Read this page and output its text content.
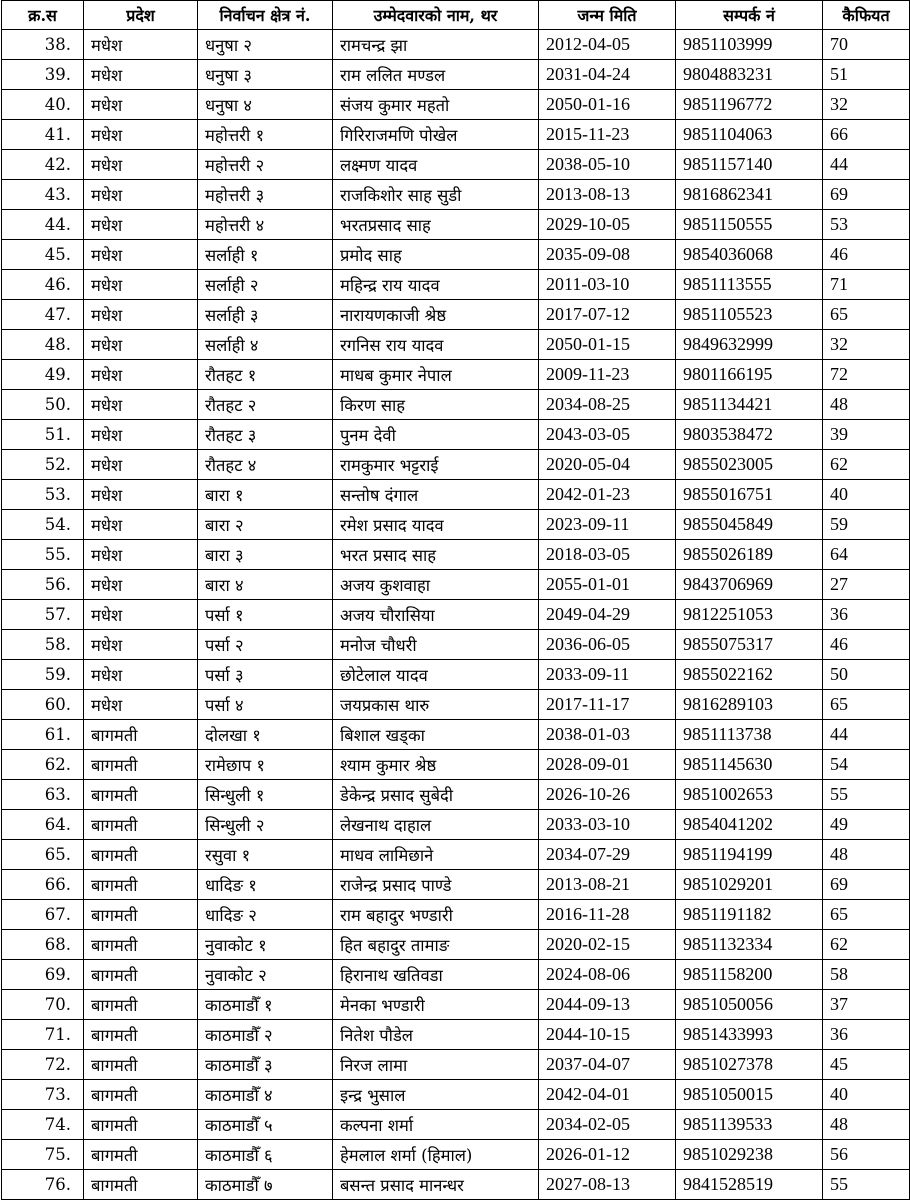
क्र.स	प्रदेश	निर्वाचन क्षेत्र नं.	उम्मेदवारको नाम, थर	जन्म मिति	सम्पर्क नं	कैफियत
38.	मधेश	धनुषा २	रामचन्द्र झा	2012-04-05	9851103999	70
39.	मधेश	धनुषा ३	राम ललित मण्डल	2031-04-24	9804883231	51
40.	मधेश	धनुषा ४	संजय कुमार महतो	2050-01-16	9851196772	32
41.	मधेश	महोत्तरी १	गिरिराजमणि पोखेल	2015-11-23	9851104063	66
42.	मधेश	महोत्तरी २	लक्ष्मण यादव	2038-05-10	9851157140	44
43.	मधेश	महोत्तरी ३	राजकिशोर साह सुडी	2013-08-13	9816862341	69
44.	मधेश	महोत्तरी ४	भरतप्रसाद साह	2029-10-05	9851150555	53
45.	मधेश	सर्लाही १	प्रमोद साह	2035-09-08	9854036068	46
46.	मधेश	सर्लाही २	महिन्द्र राय यादव	2011-03-10	9851113555	71
47.	मधेश	सर्लाही ३	नारायणकाजी श्रेष्ठ	2017-07-12	9851105523	65
48.	मधेश	सर्लाही ४	रगनिस राय यादव	2050-01-15	9849632999	32
49.	मधेश	रौतहट १	माधब कुमार नेपाल	2009-11-23	9801166195	72
50.	मधेश	रौतहट २	किरण साह	2034-08-25	9851134421	48
51.	मधेश	रौतहट ३	पुनम देवी	2043-03-05	9803538472	39
52.	मधेश	रौतहट ४	रामकुमार भट्टराई	2020-05-04	9855023005	62
53.	मधेश	बारा १	सन्तोष दंगाल	2042-01-23	9855016751	40
54.	मधेश	बारा २	रमेश प्रसाद यादव	2023-09-11	9855045849	59
55.	मधेश	बारा ३	भरत प्रसाद साह	2018-03-05	9855026189	64
56.	मधेश	बारा ४	अजय कुशवाहा	2055-01-01	9843706969	27
57.	मधेश	पर्सा १	अजय चौरासिया	2049-04-29	9812251053	36
58.	मधेश	पर्सा २	मनोज चौधरी	2036-06-05	9855075317	46
59.	मधेश	पर्सा ३	छोटेलाल यादव	2033-09-11	9855022162	50
60.	मधेश	पर्सा ४	जयप्रकास थारु	2017-11-17	9816289103	65
61.	बागमती	दोलखा १	बिशाल खड्का	2038-01-03	9851113738	44
62.	बागमती	रामेछाप १	श्याम कुमार श्रेष्ठ	2028-09-01	9851145630	54
63.	बागमती	सिन्धुली १	डेकेन्द्र प्रसाद सुबेदी	2026-10-26	9851002653	55
64.	बागमती	सिन्धुली २	लेखनाथ दाहाल	2033-03-10	9854041202	49
65.	बागमती	रसुवा १	माधव लामिछाने	2034-07-29	9851194199	48
66.	बागमती	धादिङ १	राजेन्द्र प्रसाद पाण्डे	2013-08-21	9851029201	69
67.	बागमती	धादिङ २	राम बहादुर भण्डारी	2016-11-28	9851191182	65
68.	बागमती	नुवाकोट १	हित बहादुर तामाङ	2020-02-15	9851132334	62
69.	बागमती	नुवाकोट २	हिरानाथ खतिवडा	2024-08-06	9851158200	58
70.	बागमती	काठमाडौँ १	मेनका भण्डारी	2044-09-13	9851050056	37
71.	बागमती	काठमाडौँ २	नितेश पौडेल	2044-10-15	9851433993	36
72.	बागमती	काठमाडौँ ३	निरज लामा	2037-04-07	9851027378	45
73.	बागमती	काठमाडौँ ४	इन्द्र भुसाल	2042-04-01	9851050015	40
74.	बागमती	काठमाडौँ ५	कल्पना शर्मा	2034-02-05	9851139533	48
75.	बागमती	काठमाडौँ ६	हेमलाल शर्मा (हिमाल)	2026-01-12	9851029238	56
76.	बागमती	काठमाडौँ ७	बसन्त प्रसाद मानन्धर	2027-08-13	9841528519	55
